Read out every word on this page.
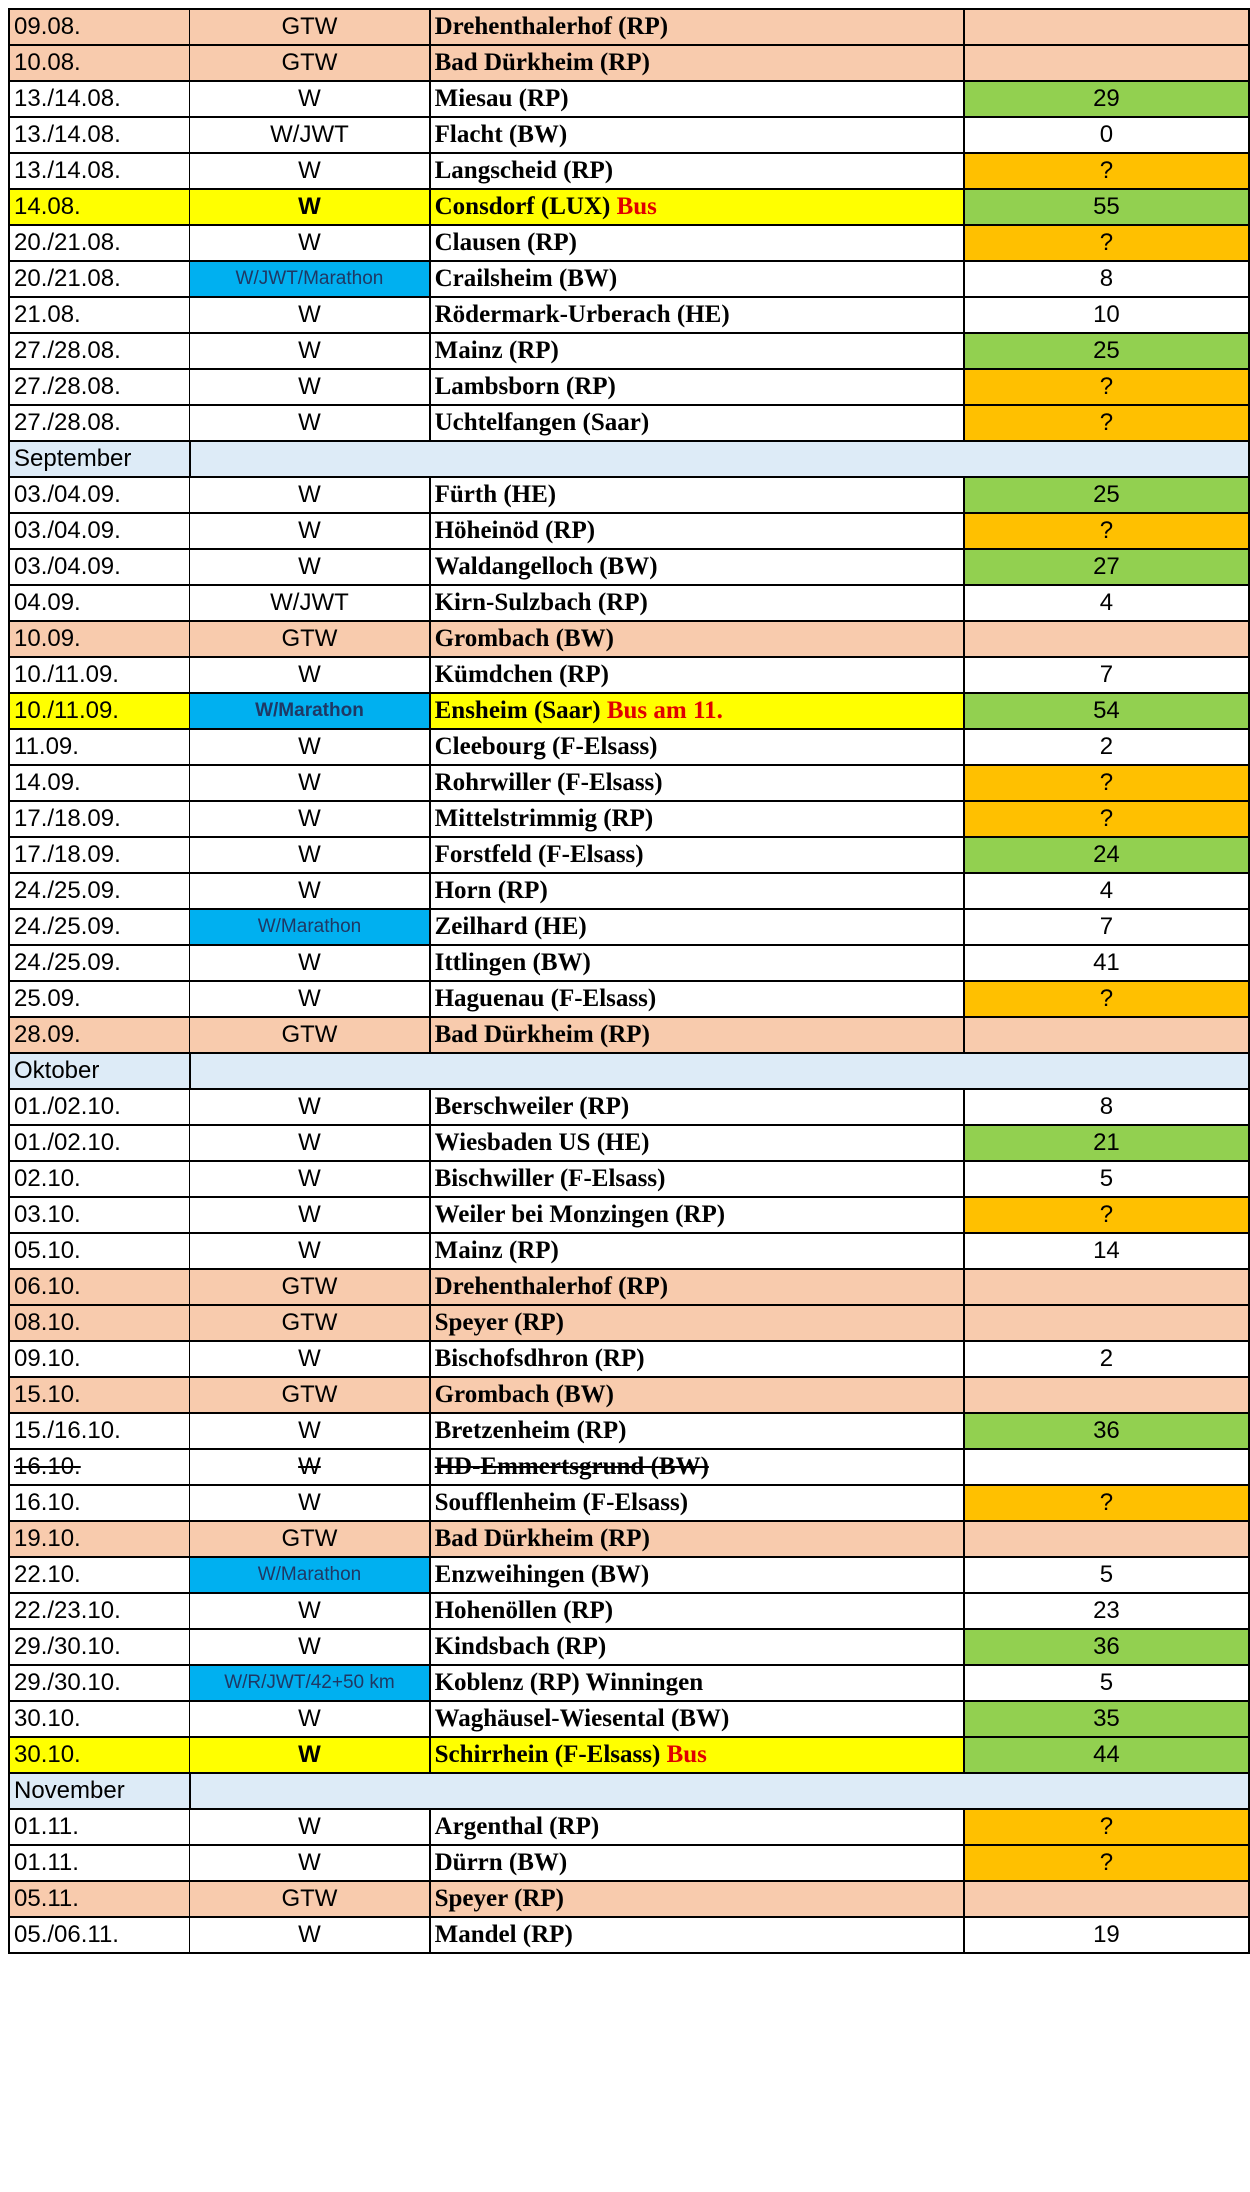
09.08.	GTW	Drehenthalerhof (RP)	
10.08.	GTW	Bad Dürkheim (RP)	
13./14.08.	W	Miesau (RP)	29
13./14.08.	W/JWT	Flacht (BW)	0
13./14.08.	W	Langscheid (RP)	?
14.08.	W	Consdorf (LUX) Bus	55
20./21.08.	W	Clausen (RP)	?
20./21.08.	W/JWT/Marathon	Crailsheim (BW)	8
21.08.	W	Rödermark-Urberach (HE)	10
27./28.08.	W	Mainz (RP)	25
27./28.08.	W	Lambsborn (RP)	?
27./28.08.	W	Uchtelfangen (Saar)	?
September			
03./04.09.	W	Fürth (HE)	25
03./04.09.	W	Höheinöd (RP)	?
03./04.09.	W	Waldangelloch (BW)	27
04.09.	W/JWT	Kirn-Sulzbach (RP)	4
10.09.	GTW	Grombach (BW)	
10./11.09.	W	Kümdchen (RP)	7
10./11.09.	W/Marathon	Ensheim (Saar) Bus am 11.	54
11.09.	W	Cleebourg (F-Elsass)	2
14.09.	W	Rohrwiller (F-Elsass)	?
17./18.09.	W	Mittelstrimmig (RP)	?
17./18.09.	W	Forstfeld (F-Elsass)	24
24./25.09.	W	Horn (RP)	4
24./25.09.	W/Marathon	Zeilhard (HE)	7
24./25.09.	W	Ittlingen (BW)	41
25.09.	W	Haguenau (F-Elsass)	?
28.09.	GTW	Bad Dürkheim (RP)	
Oktober			
01./02.10.	W	Berschweiler (RP)	8
01./02.10.	W	Wiesbaden US (HE)	21
02.10.	W	Bischwiller (F-Elsass)	5
03.10.	W	Weiler bei Monzingen (RP)	?
05.10.	W	Mainz (RP)	14
06.10.	GTW	Drehenthalerhof (RP)	
08.10.	GTW	Speyer (RP)	
09.10.	W	Bischofsdhron (RP)	2
15.10.	GTW	Grombach (BW)	
15./16.10.	W	Bretzenheim (RP)	36
16.10.	W	HD-Emmertsgrund (BW)	
16.10.	W	Soufflenheim (F-Elsass)	?
19.10.	GTW	Bad Dürkheim (RP)	
22.10.	W/Marathon	Enzweihingen (BW)	5
22./23.10.	W	Hohenöllen (RP)	23
29./30.10.	W	Kindsbach (RP)	36
29./30.10.	W/R/JWT/42+50 km	Koblenz (RP) Winningen	5
30.10.	W	Waghäusel-Wiesental (BW)	35
30.10.	W	Schirrhein (F-Elsass) Bus	44
November			
01.11.	W	Argenthal (RP)	?
01.11.	W	Dürrn (BW)	?
05.11.	GTW	Speyer (RP)	
05./06.11.	W	Mandel (RP)	19
